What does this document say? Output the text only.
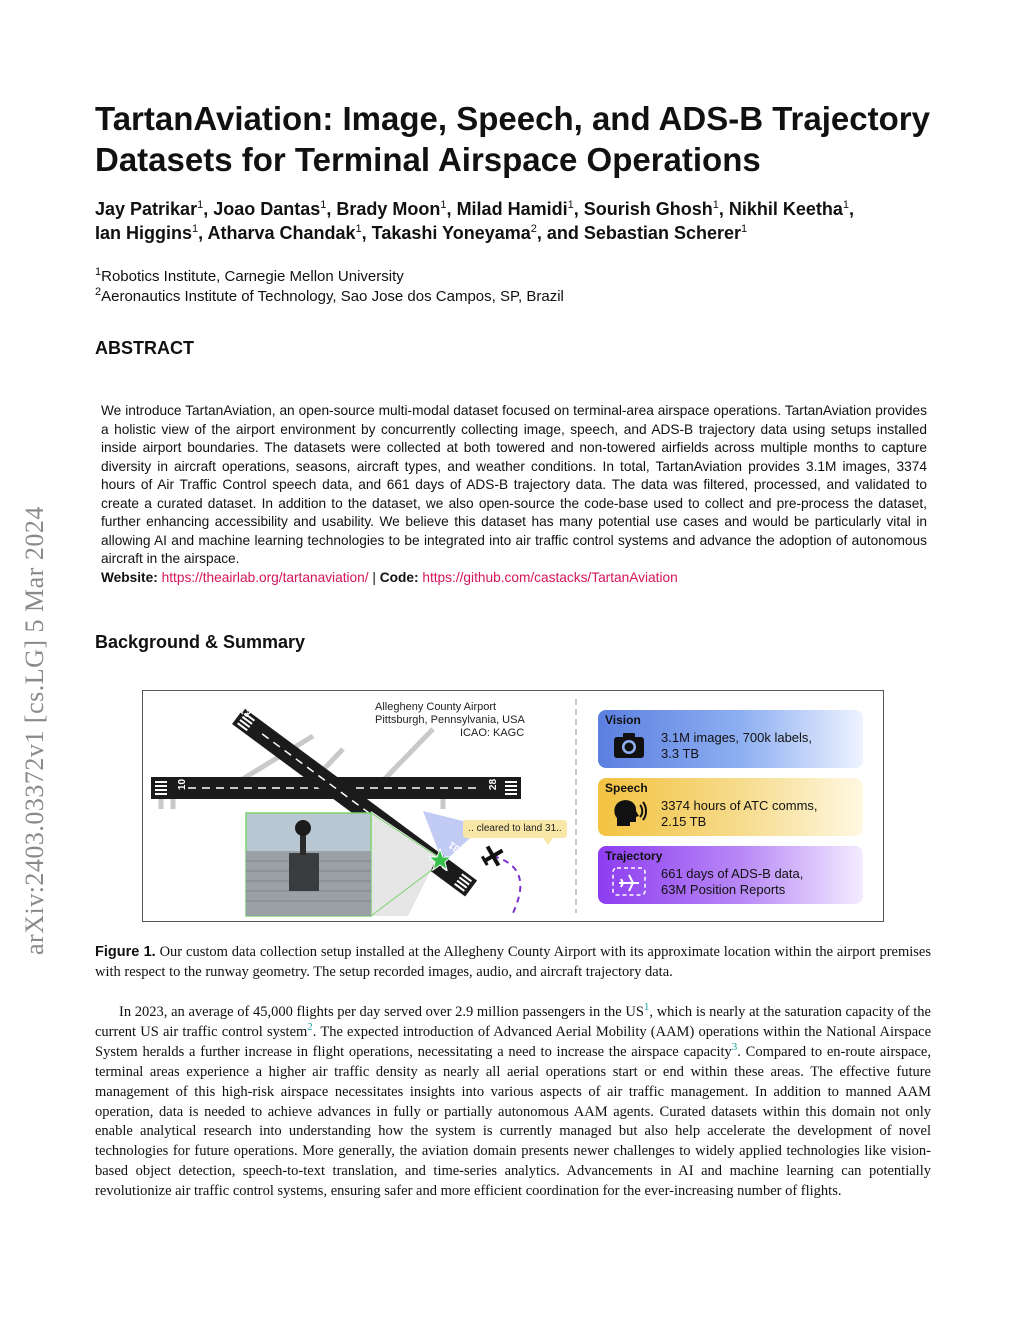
arXiv:2403.03372v1 [cs.LG] 5 Mar 2024
TartanAviation: Image, Speech, and ADS-B Trajectory Datasets for Terminal Airspace Operations
Jay Patrikar$^1$, Joao Dantas$^1$, Brady Moon$^1$, Milad Hamidi$^1$, Sourish Ghosh$^1$, Nikhil Keetha$^1$,
Ian Higgins$^1$, Atharva Chandak$^1$, Takashi Yoneyama$^2$, and Sebastian Scherer$^1$
$^1$Robotics Institute, Carnegie Mellon University
$^2$Aeronautics Institute of Technology, Sao Jose dos Campos, SP, Brazil
ABSTRACT
We introduce TartanAviation, an open-source multi-modal dataset focused on terminal-area airspace operations. TartanAviation provides a holistic view of the airport environment by concurrently collecting image, speech, and ADS-B trajectory data using setups installed inside airport boundaries. The datasets were collected at both towered and non-towered airfields across multiple months to capture diversity in aircraft operations, seasons, aircraft types, and weather conditions. In total, TartanAviation provides 3.1M images, 3374 hours of Air Traffic Control speech data, and 661 days of ADS-B trajectory data. The data was filtered, processed, and validated to create a curated dataset. In addition to the dataset, we also open-source the code-base used to collect and pre-process the dataset, further enhancing accessibility and usability. We believe this dataset has many potential use cases and would be particularly vital in allowing AI and machine learning technologies to be integrated into air traffic control systems and advance the adoption of autonomous aircraft in the airspace.
Website: https://theairlab.org/tartanaviation/ | Code: https://github.com/castacks/TartanAviation
Background & Summary
10	28
13
31
Allegheny County Airport
Pittsburgh, Pennsylvania, USA
ICAO: KAGC
.. cleared to land 31..
Vision
3.1M images, 700k labels,
3.3 TB
Speech
3374 hours of ATC comms,
2.15 TB
Trajectory
661 days of ADS-B data,
63M Position Reports
Figure 1. Our custom data collection setup installed at the Allegheny County Airport with its approximate location within the airport premises with respect to the runway geometry. The setup recorded images, audio, and aircraft trajectory data.

In 2023, an average of 45,000 flights per day served over 2.9 million passengers in the US$^1$, which is nearly at the saturation capacity of the current US air traffic control system$^2$. The expected introduction of Advanced Aerial Mobility (AAM) operations within the National Airspace System heralds a further increase in flight operations, necessitating a need to increase the airspace capacity$^3$. Compared to en-route airspace, terminal areas experience a higher air traffic density as nearly all aerial operations start or end within these areas. The effective future management of this high-risk airspace necessitates insights into various aspects of air traffic management. In addition to manned AAM operation, data is needed to achieve advances in fully or partially autonomous AAM agents. Curated datasets within this domain not only enable analytical research into understanding how the system is currently managed but also help accelerate the development of novel technologies for future operations. More generally, the aviation domain presents newer challenges to widely applied technologies like vision-based object detection, speech-to-text translation, and time-series analytics. Advancements in AI and machine learning can potentially revolutionize air traffic control systems, ensuring safer and more efficient coordination for the ever-increasing number of flights.
